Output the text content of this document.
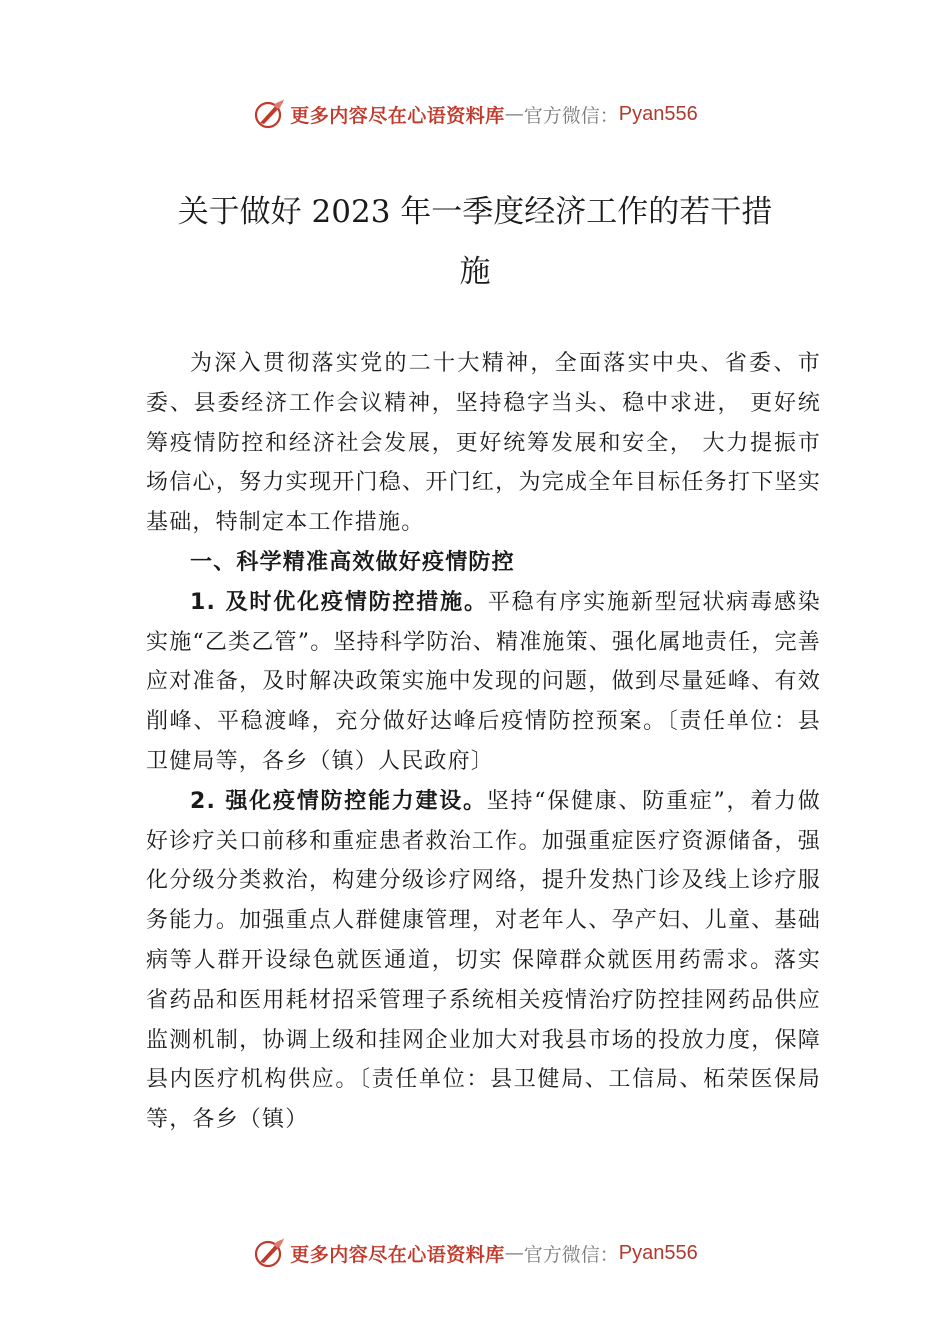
更多内容尽在心语资料库 — 官方微信： Pyan556
关于做好 2023 年一季度经济工作的若干措
施

为深入贯彻落实党的二十大精神，全面落实中央、省委、市委、县委经济工作会议精神，坚持稳字当头、稳中求进， 更好统筹疫情防控和经济社会发展，更好统筹发展和安全， 大力提振市场信心，努力实现开门稳、开门红，为完成全年目标任务打下坚实基础，特制定本工作措施。

一、科学精准高效做好疫情防控

1. 及时优化疫情防控措施。平稳有序实施新型冠状病毒感染实施“乙类乙管”。坚持科学防治、精准施策、强化属地责任，完善应对准备，及时解决政策实施中发现的问题，做到尽量延峰、有效削峰、平稳渡峰，充分做好达峰后疫情防控预案。〔责任单位：县卫健局等，各乡（镇）人民政府〕

2. 强化疫情防控能力建设。坚持“保健康、防重症”，着力做好诊疗关口前移和重症患者救治工作。加强重症医疗资源储备，强化分级分类救治，构建分级诊疗网络，提升发热门诊及线上诊疗服务能力。加强重点人群健康管理，对老年人、孕产妇、儿童、基础病等人群开设绿色就医通道，切实 保障群众就医用药需求。落实省药品和医用耗材招采管理子系统相关疫情治疗防控挂网药品供应监测机制，协调上级和挂网企业加大对我县市场的投放力度，保障县内医疗机构供应。〔责任单位：县卫健局、工信局、柘荣医保局等，各乡（镇）

更多内容尽在心语资料库 — 官方微信： Pyan556
